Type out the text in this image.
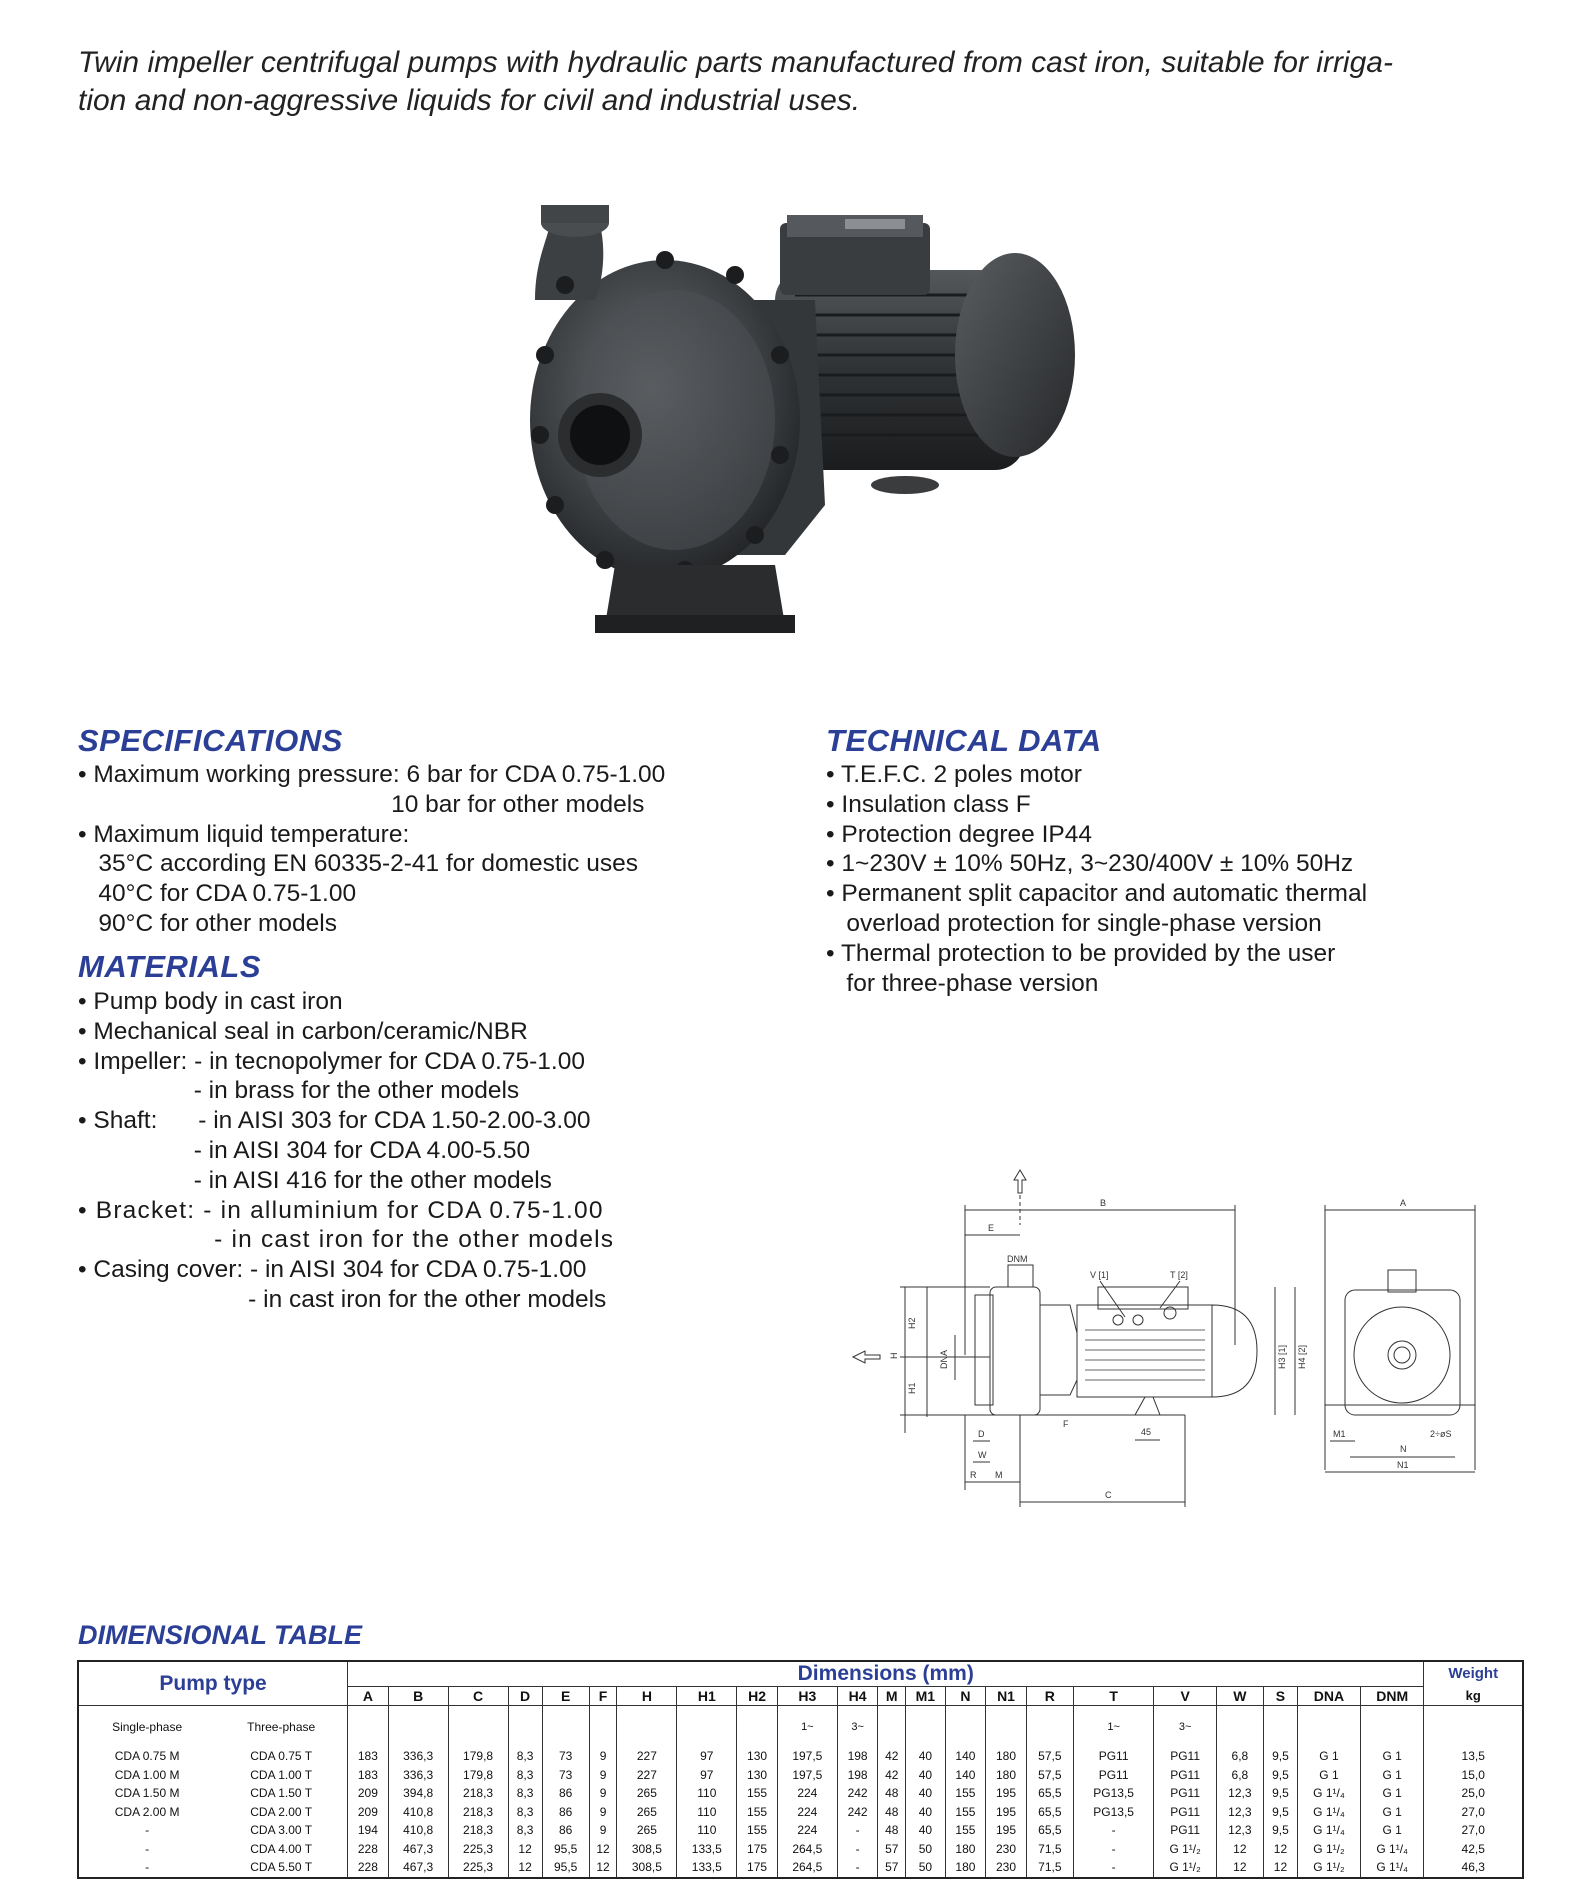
Twin impeller centrifugal pumps with hydraulic parts manufactured from cast iron, suitable for irriga-
tion and non-aggressive liquids for civil and industrial uses.
SPECIFICATIONS
• Maximum working pressure: 6 bar for CDA 0.75-1.00
10 bar for other models
• Maximum liquid temperature:
35°C according EN 60335-2-41 for domestic uses
40°C for CDA 0.75-1.00
90°C for other models
MATERIALS
• Pump body in cast iron
• Mechanical seal in carbon/ceramic/NBR
• Impeller: - in tecnopolymer for CDA 0.75-1.00
- in brass for the other models
• Shaft:      - in AISI 303 for CDA 1.50-2.00-3.00
- in AISI 304 for CDA 4.00-5.50
- in AISI 416 for the other models
• Bracket: - in alluminium for CDA 0.75-1.00
- in cast iron for the other models
• Casing cover: - in AISI 304 for CDA 0.75-1.00
- in cast iron for the other models
TECHNICAL DATA
• T.E.F.C. 2 poles motor
• Insulation class F
• Protection degree IP44
• 1~230V ± 10% 50Hz, 3~230/400V ± 10% 50Hz
• Permanent split capacitor and automatic thermal
overload protection for single-phase version
• Thermal protection to be provided by the user
for three-phase version
B
E
DNM
V [1]	T [2]
H2
H
H1
DNA	H3 [1] H4 [2]
F
45
D
W
R M
C
A
M1	2÷øS
N
N1
DIMENSIONAL TABLE
Pump type		Dimensions (mm)																						Weight
		A	B	C	D	E	F	H	H1	H2	H3	H4	M	M1	N	N1	R	T	V	W	S	DNA	DNM	kg
Single-phase	Three-phase										1~	3~						1~	3~					
CDA 0.75 M	CDA 0.75 T	183	336,3	179,8	8,3	73	9	227	97	130	197,5	198	42	40	140	180	57,5	PG11	PG11	6,8	9,5	G 1	G 1	13,5
CDA 1.00 M	CDA 1.00 T	183	336,3	179,8	8,3	73	9	227	97	130	197,5	198	42	40	140	180	57,5	PG11	PG11	6,8	9,5	G 1	G 1	15,0
CDA 1.50 M	CDA 1.50 T	209	394,8	218,3	8,3	86	9	265	110	155	224	242	48	40	155	195	65,5	PG13,5	PG11	12,3	9,5	G 1¹/₄	G 1	25,0
CDA 2.00 M	CDA 2.00 T	209	410,8	218,3	8,3	86	9	265	110	155	224	242	48	40	155	195	65,5	PG13,5	PG11	12,3	9,5	G 1¹/₄	G 1	27,0
-	CDA 3.00 T	194	410,8	218,3	8,3	86	9	265	110	155	224	-	48	40	155	195	65,5	-	PG11	12,3	9,5	G 1¹/₄	G 1	27,0
-	CDA 4.00 T	228	467,3	225,3	12	95,5	12	308,5	133,5	175	264,5	-	57	50	180	230	71,5	-	G 1¹/₂	12	12	G 1¹/₂	G 1¹/₄	42,5
-	CDA 5.50 T	228	467,3	225,3	12	95,5	12	308,5	133,5	175	264,5	-	57	50	180	230	71,5	-	G 1¹/₂	12	12	G 1¹/₂	G 1¹/₄	46,3
